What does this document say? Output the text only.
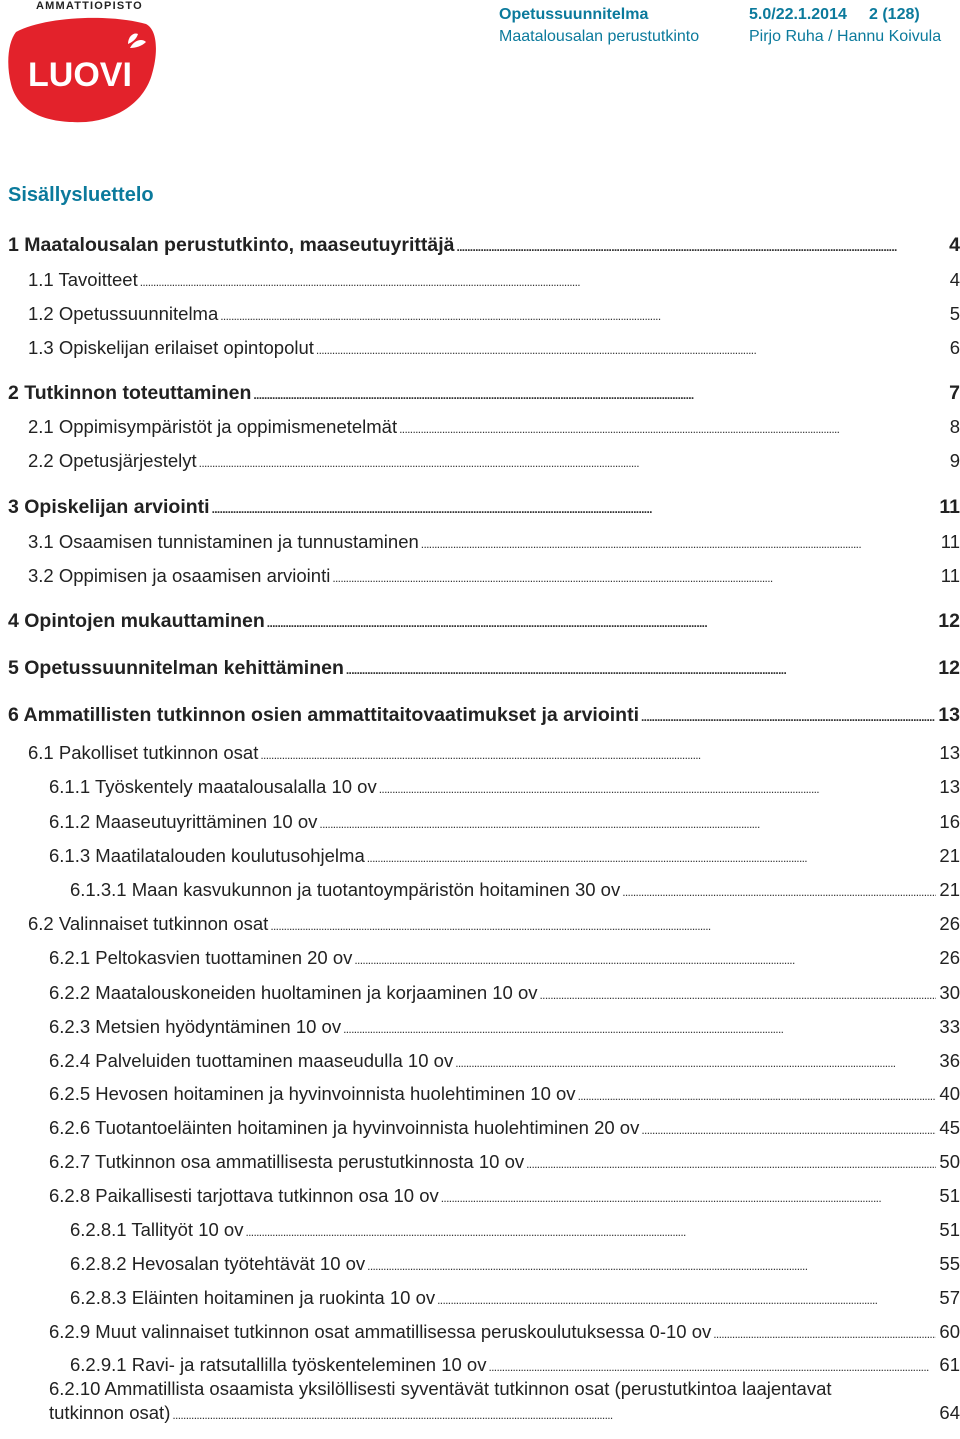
AMMATTIOPISTO
LUOVI
Opetussuunnitelma
Maatalousalan perustutkinto
5.0/22.1.2014 2 (128)
Pirjo Ruha / Hannu Koivula
Sisällysluettelo
1 Maatalousalan perustutkinto, maaseutuyrittäjä . . .	4
1.1 Tavoitteet . . .	4
1.2 Opetussuunnitelma . . .	5
1.3 Opiskelijan erilaiset opintopolut . . .	6
2 Tutkinnon toteuttaminen . . .	7
2.1 Oppimisympäristöt ja oppimismenetelmät . . .	8
2.2 Opetusjärjestelyt . . .	9
3 Opiskelijan arviointi . . .	11
3.1 Osaamisen tunnistaminen ja tunnustaminen . . .	11
3.2 Oppimisen ja osaamisen arviointi . . .	11
4 Opintojen mukauttaminen . . .	12
5 Opetussuunnitelman kehittäminen . . .	12
6 Ammatillisten tutkinnon osien ammattitaitovaatimukset ja arviointi . . .	13
6.1 Pakolliset tutkinnon osat . . .	13
6.1.1 Työskentely maatalousalalla 10 ov . . .	13
6.1.2 Maaseutuyrittäminen 10 ov . . .	16
6.1.3 Maatilatalouden koulutusohjelma . . .	21
6.1.3.1 Maan kasvukunnon ja tuotantoympäristön hoitaminen 30 ov . . .	21
6.2 Valinnaiset tutkinnon osat . . .	26
6.2.1 Peltokasvien tuottaminen 20 ov . . .	26
6.2.2 Maatalouskoneiden huoltaminen ja korjaaminen 10 ov . . .	30
6.2.3 Metsien hyödyntäminen 10 ov . . .	33
6.2.4 Palveluiden tuottaminen maaseudulla 10 ov . . .	36
6.2.5 Hevosen hoitaminen ja hyvinvoinnista huolehtiminen 10 ov . . .	40
6.2.6 Tuotantoeläinten hoitaminen ja hyvinvoinnista huolehtiminen 20 ov . . .	45
6.2.7 Tutkinnon osa ammatillisesta perustutkinnosta 10 ov . . .	50
6.2.8 Paikallisesti tarjottava tutkinnon osa 10 ov . . .	51
6.2.8.1 Tallityöt 10 ov . . .	51
6.2.8.2 Hevosalan työtehtävät 10 ov . . .	55
6.2.8.3 Eläinten hoitaminen ja ruokinta 10 ov . . .	57
6.2.9 Muut valinnaiset tutkinnon osat ammatillisessa peruskoulutuksessa 0-10 ov . . .	60
6.2.9.1 Ravi- ja ratsutallilla työskenteleminen 10 ov . . .	61
6.2.10 Ammatillista osaamista yksilöllisesti syventävät tutkinnon osat (perustutkintoa laajentavat
tutkinnon osat) . . .	64
